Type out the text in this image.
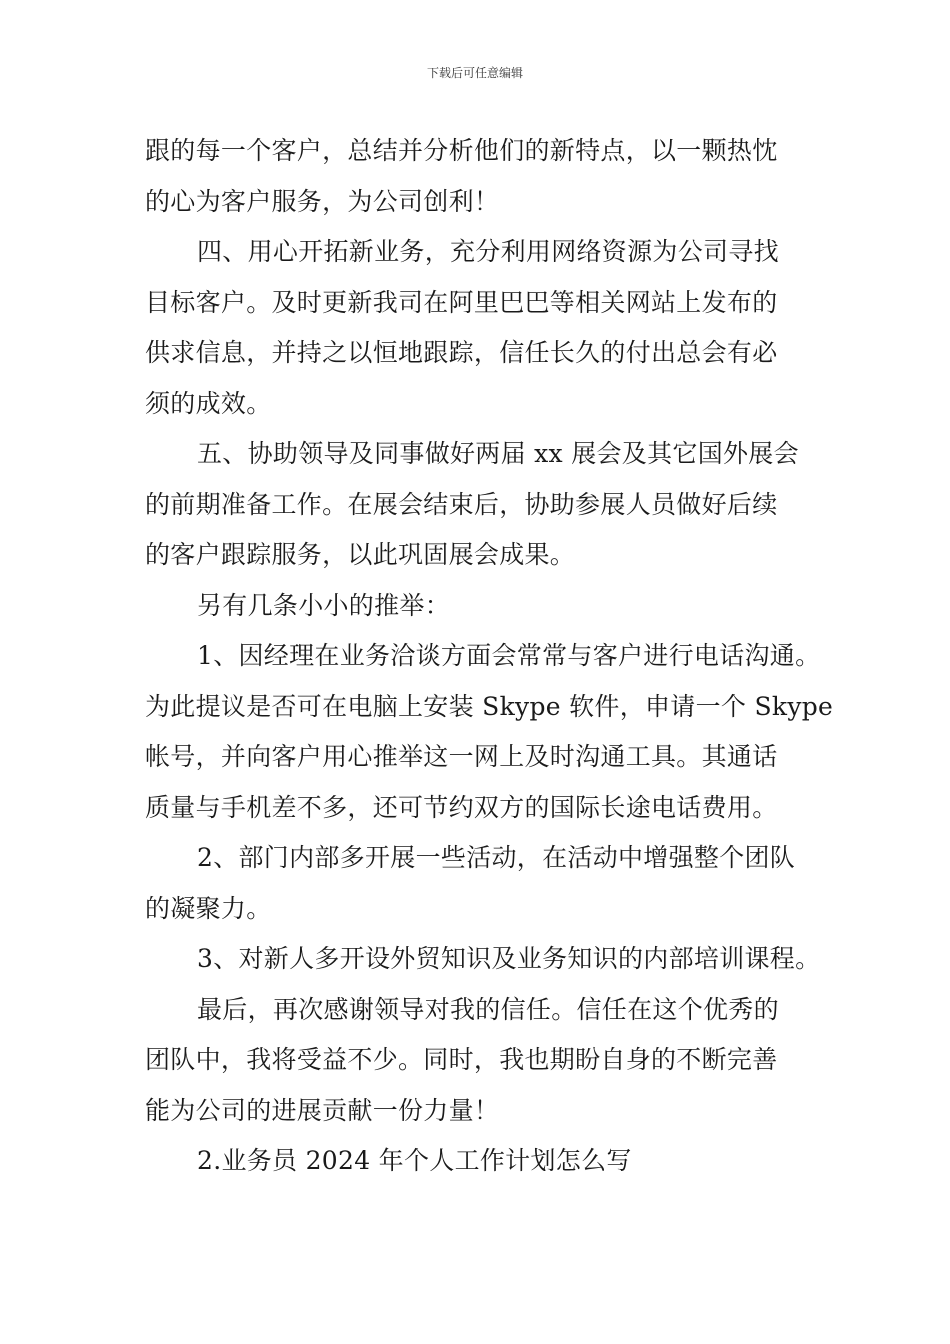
下载后可任意编辑

跟的每一个客户，总结并分析他们的新特点，以一颗热忱
的心为客户服务，为公司创利！

四、用心开拓新业务，充分利用网络资源为公司寻找
目标客户。及时更新我司在阿里巴巴等相关网站上发布的
供求信息，并持之以恒地跟踪，信任长久的付出总会有必
须的成效。

五、协助领导及同事做好两届 xx 展会及其它国外展会
的前期准备工作。在展会结束后，协助参展人员做好后续
的客户跟踪服务，以此巩固展会成果。

另有几条小小的推举：

1、因经理在业务洽谈方面会常常与客户进行电话沟通。
为此提议是否可在电脑上安装 Skype 软件，申请一个 Skype
帐号，并向客户用心推举这一网上及时沟通工具。其通话
质量与手机差不多，还可节约双方的国际长途电话费用。

2、部门内部多开展一些活动，在活动中增强整个团队
的凝聚力。

3、对新人多开设外贸知识及业务知识的内部培训课程。

最后，再次感谢领导对我的信任。信任在这个优秀的
团队中，我将受益不少。同时，我也期盼自身的不断完善
能为公司的进展贡献一份力量！

2.业务员 2024 年个人工作计划怎么写
